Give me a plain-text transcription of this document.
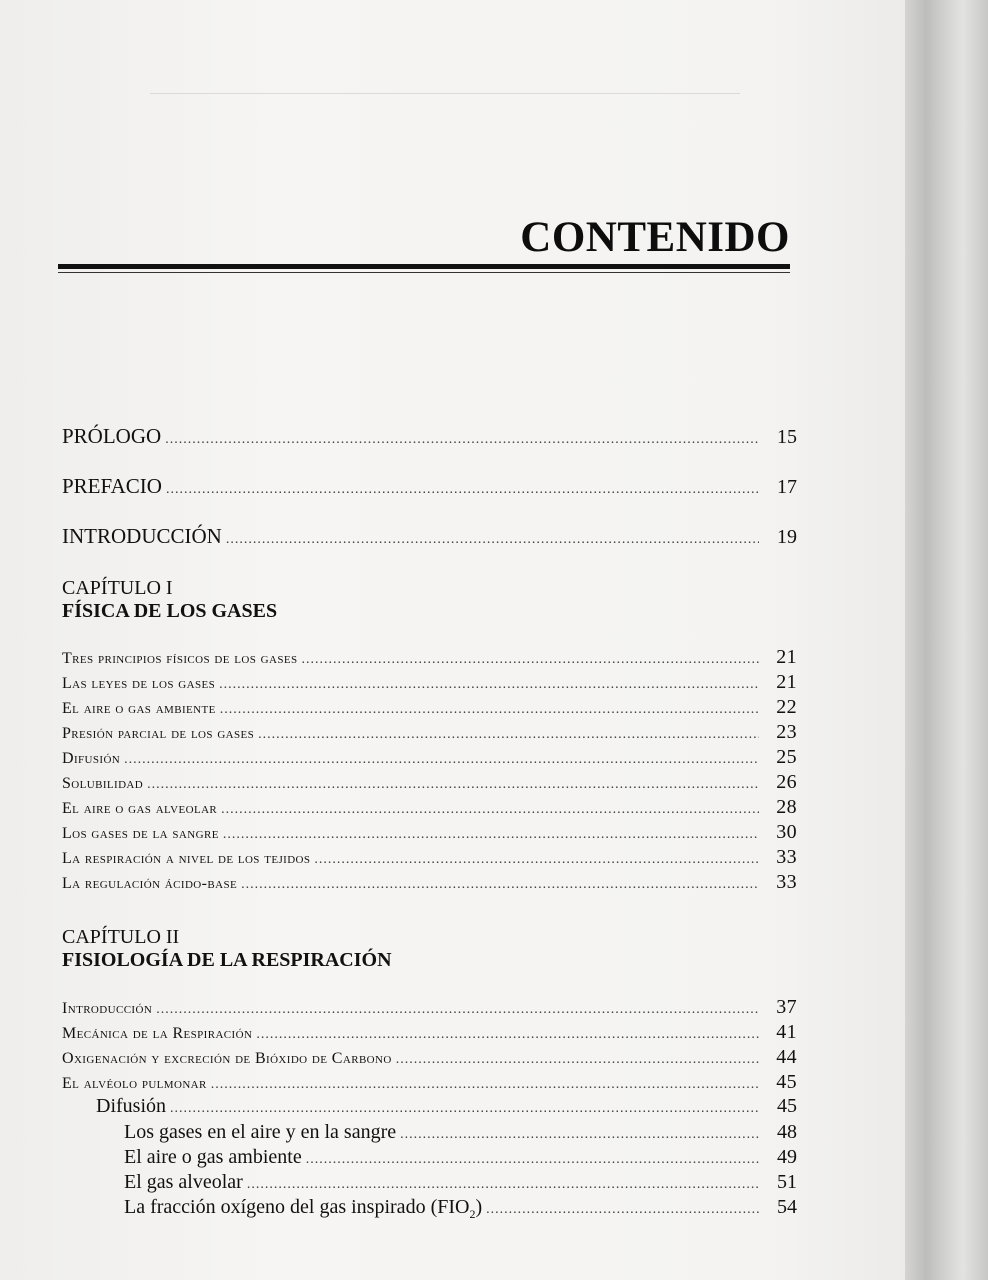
CONTENIDO
PRÓLOGO .....	15
PREFACIO .....	17
INTRODUCCIÓN .....	19
CAPÍTULO I
FÍSICA DE LOS GASES
Tres principios físicos de los gases .....	21
Las leyes de los gases .....	21
El aire o gas ambiente .....	22
Presión parcial de los gases .....	23
Difusión .....	25
Solubilidad .....	26
El aire o gas alveolar .....	28
Los gases de la sangre .....	30
La respiración a nivel de los tejidos .....	33
La regulación ácido-base .....	33
CAPÍTULO II
FISIOLOGÍA DE LA RESPIRACIÓN
Introducción .....	37
Mecánica de la Respiración .....	41
Oxigenación y excreción de Bióxido de Carbono .....	44
El alvéolo pulmonar .....	45
Difusión .....	45
Los gases en el aire y en la sangre .....	48
El aire o gas ambiente .....	49
El gas alveolar .....	51
La fracción oxígeno del gas inspirado $(FIO_2)$ .....	54
